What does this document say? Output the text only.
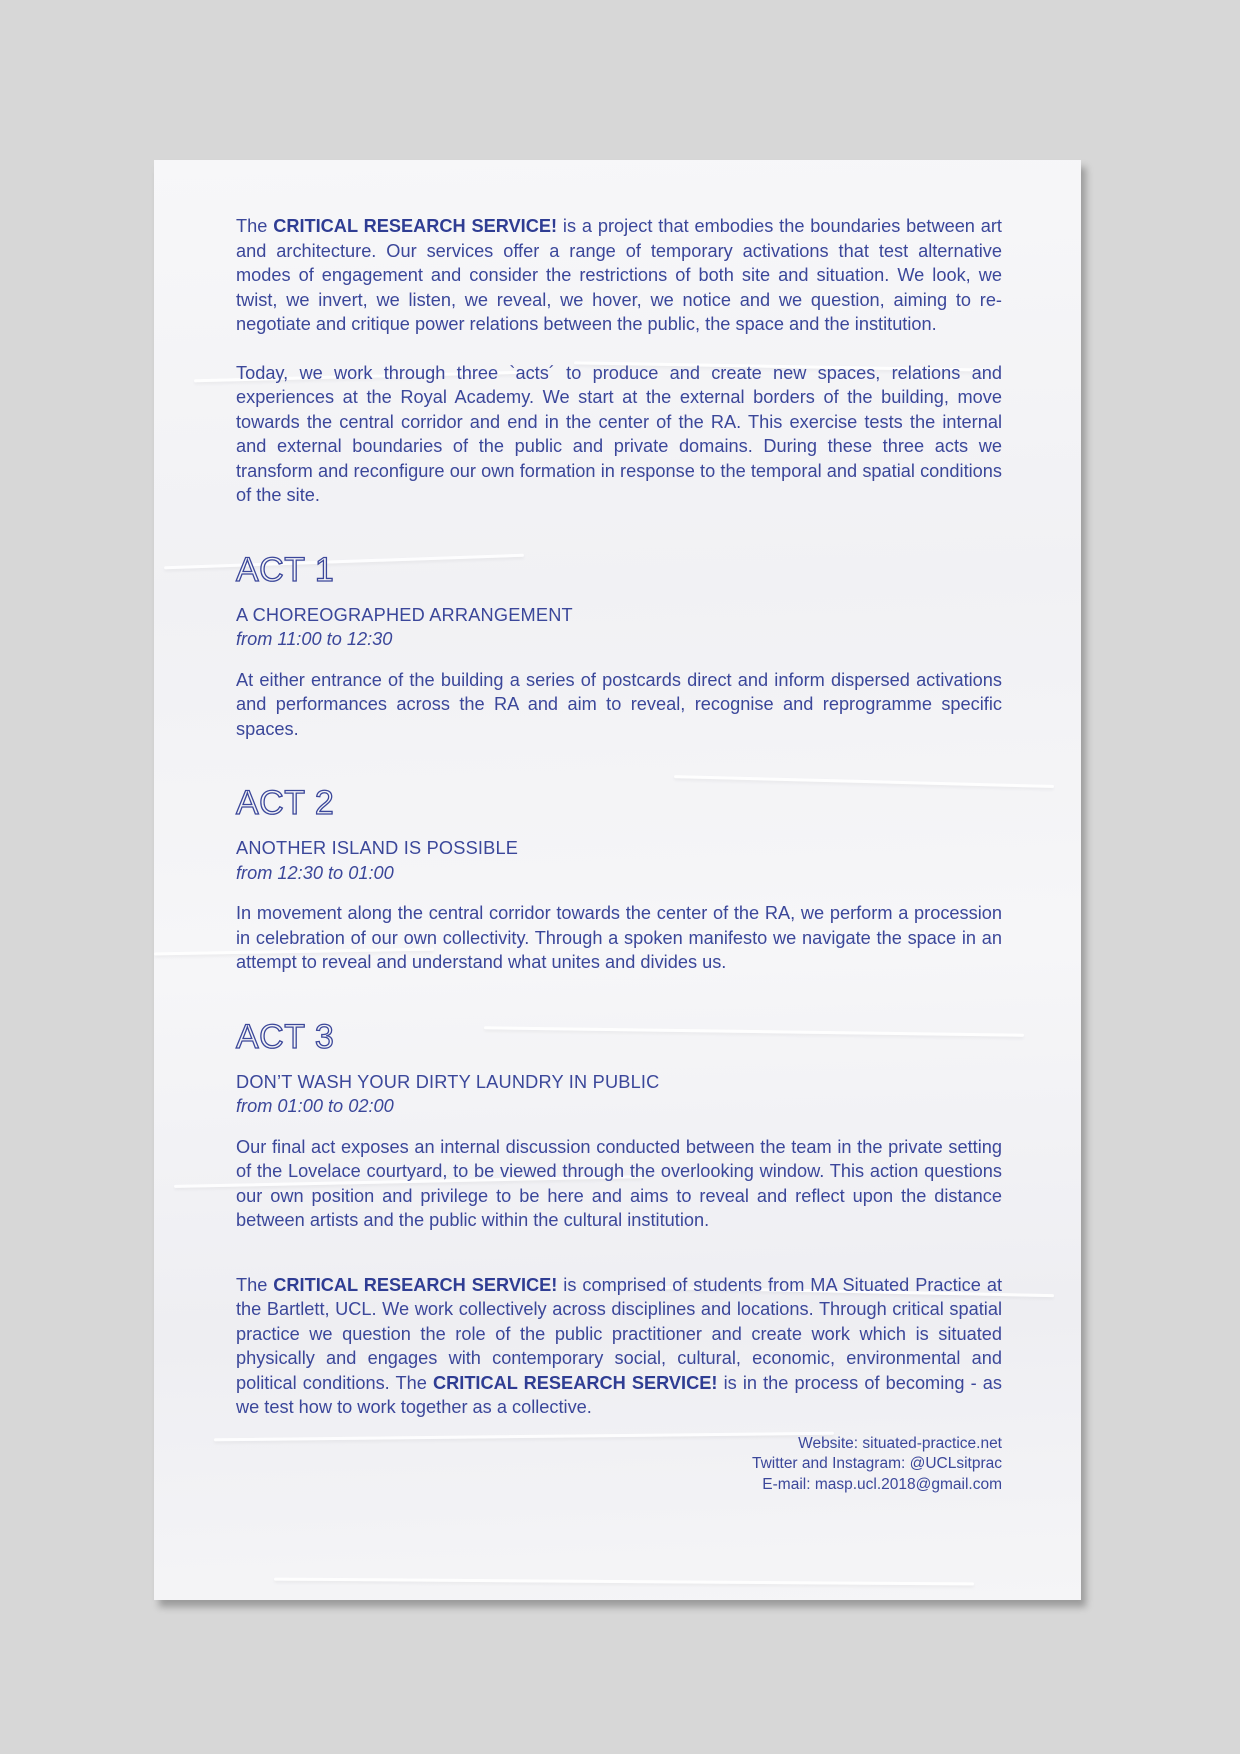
The CRITICAL RESEARCH SERVICE! is a project that embodies the boundaries between art and architecture. Our services offer a range of temporary activations that test alternative modes of engagement and consider the restrictions of both site and situation. We look, we twist, we invert, we listen, we reveal, we hover, we notice and we question, aiming to re-negotiate and critique power relations between the public, the space and the institution.

Today, we work through three `acts´ to produce and create new spaces, relations and experiences at the Royal Academy. We start at the external borders of the building, move towards the central corridor and end in the center of the RA. This exercise tests the internal and external boundaries of the public and private domains. During these three acts we transform and reconfigure our own formation in response to the temporal and spatial conditions of the site.

ACT 1
A CHOREOGRAPHED ARRANGEMENT
from 11:00 to 12:30

At either entrance of the building a series of postcards direct and inform dispersed activations and performances across the RA and aim to reveal, recognise and reprogramme specific spaces.

ACT 2
ANOTHER ISLAND IS POSSIBLE
from 12:30 to 01:00

In movement along the central corridor towards the center of the RA, we perform a procession in celebration of our own collectivity. Through a spoken manifesto we navigate the space in an attempt to reveal and understand what unites and divides us.

ACT 3
DON’T WASH YOUR DIRTY LAUNDRY IN PUBLIC
from 01:00 to 02:00

Our final act exposes an internal discussion conducted between the team in the private setting of the Lovelace courtyard, to be viewed through the overlooking window. This action questions our own position and privilege to be here and aims to reveal and reflect upon the distance between artists and the public within the cultural institution.

The CRITICAL RESEARCH SERVICE! is comprised of students from MA Situated Practice at the Bartlett, UCL. We work collectively across disciplines and locations. Through critical spatial practice we question the role of the public practitioner and create work which is situated physically and engages with contemporary social, cultural, economic, environmental and political conditions. The CRITICAL RESEARCH SERVICE! is in the process of becoming - as we test how to work together as a collective.

Website: situated-practice.net
Twitter and Instagram: @UCLsitprac
E-mail: masp.ucl.2018@gmail.com
